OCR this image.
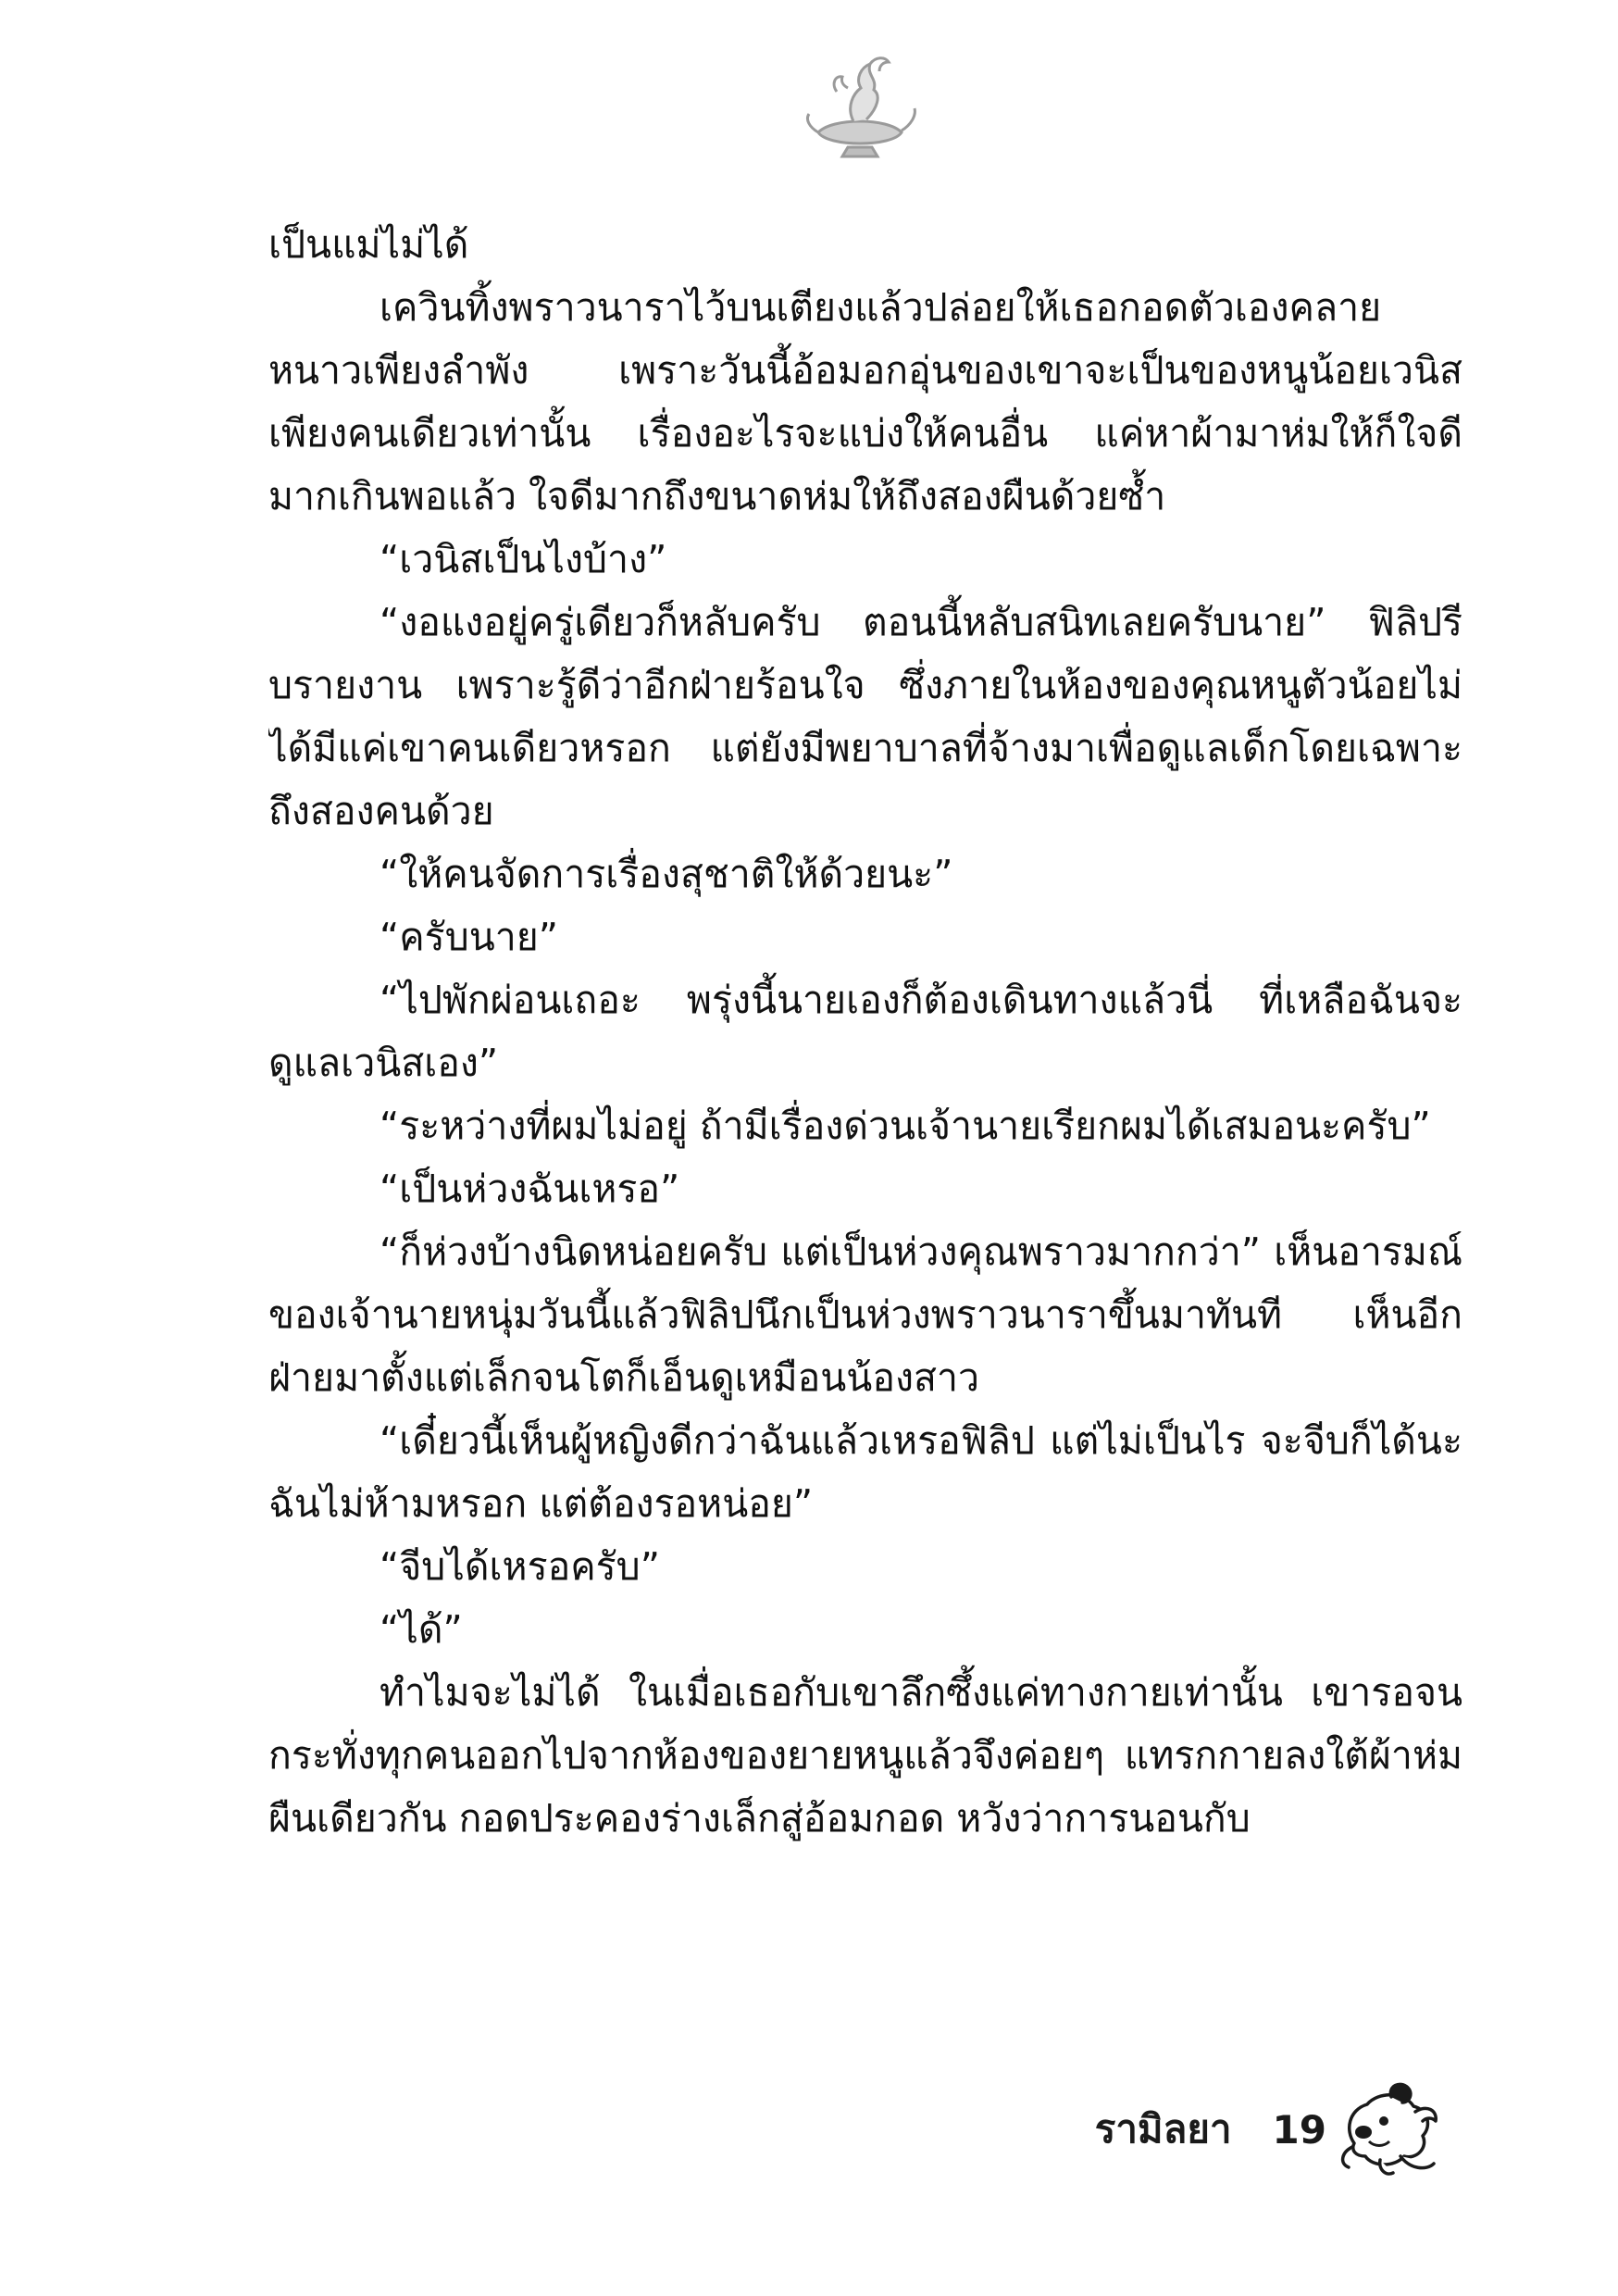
เป็นแม่ไม่ได้

เควินทิ้งพราวนาราไว้บนเตียงแล้วปล่อยให้เธอกอดตัวเองคลายหนาวเพียงลำพัง เพราะวันนี้อ้อมอกอุ่นของเขาจะเป็นของหนูน้อยเวนิสเพียงคนเดียวเท่านั้น เรื่องอะไรจะแบ่งให้คนอื่น แค่หาผ้ามาห่มให้ก็ใจดีมากเกินพอแล้ว ใจดีมากถึงขนาดห่มให้ถึงสองผืนด้วยซ้ำ

“เวนิสเป็นไงบ้าง”

“งอแงอยู่ครู่เดียวก็หลับครับ ตอนนี้หลับสนิทเลยครับนาย” ฟิลิปรีบรายงาน เพราะรู้ดีว่าอีกฝ่ายร้อนใจ ซึ่งภายในห้องของคุณหนูตัวน้อยไม่ได้มีแค่เขาคนเดียวหรอก แต่ยังมีพยาบาลที่จ้างมาเพื่อดูแลเด็กโดยเฉพาะถึงสองคนด้วย

“ให้คนจัดการเรื่องสุชาติให้ด้วยนะ”

“ครับนาย”

“ไปพักผ่อนเถอะ พรุ่งนี้นายเองก็ต้องเดินทางแล้วนี่ ที่เหลือฉันจะดูแลเวนิสเอง”

“ระหว่างที่ผมไม่อยู่ ถ้ามีเรื่องด่วนเจ้านายเรียกผมได้เสมอนะครับ”

“เป็นห่วงฉันเหรอ”

“ก็ห่วงบ้างนิดหน่อยครับ แต่เป็นห่วงคุณพราวมากกว่า” เห็นอารมณ์ของเจ้านายหนุ่มวันนี้แล้วฟิลิปนึกเป็นห่วงพราวนาราขึ้นมาทันที เห็นอีกฝ่ายมาตั้งแต่เล็กจนโตก็เอ็นดูเหมือนน้องสาว

“เดี๋ยวนี้เห็นผู้หญิงดีกว่าฉันแล้วเหรอฟิลิป แต่ไม่เป็นไร จะจีบก็ได้นะฉันไม่ห้ามหรอก แต่ต้องรอหน่อย”

“จีบได้เหรอครับ”

“ได้”

ทำไมจะไม่ได้ ในเมื่อเธอกับเขาลึกซึ้งแค่ทางกายเท่านั้น เขารอจนกระทั่งทุกคนออกไปจากห้องของยายหนูแล้วจึงค่อยๆ แทรกกายลงใต้ผ้าห่มผืนเดียวกัน กอดประคองร่างเล็กสู่อ้อมกอด หวังว่าการนอนกับ

รามิลยา 19
